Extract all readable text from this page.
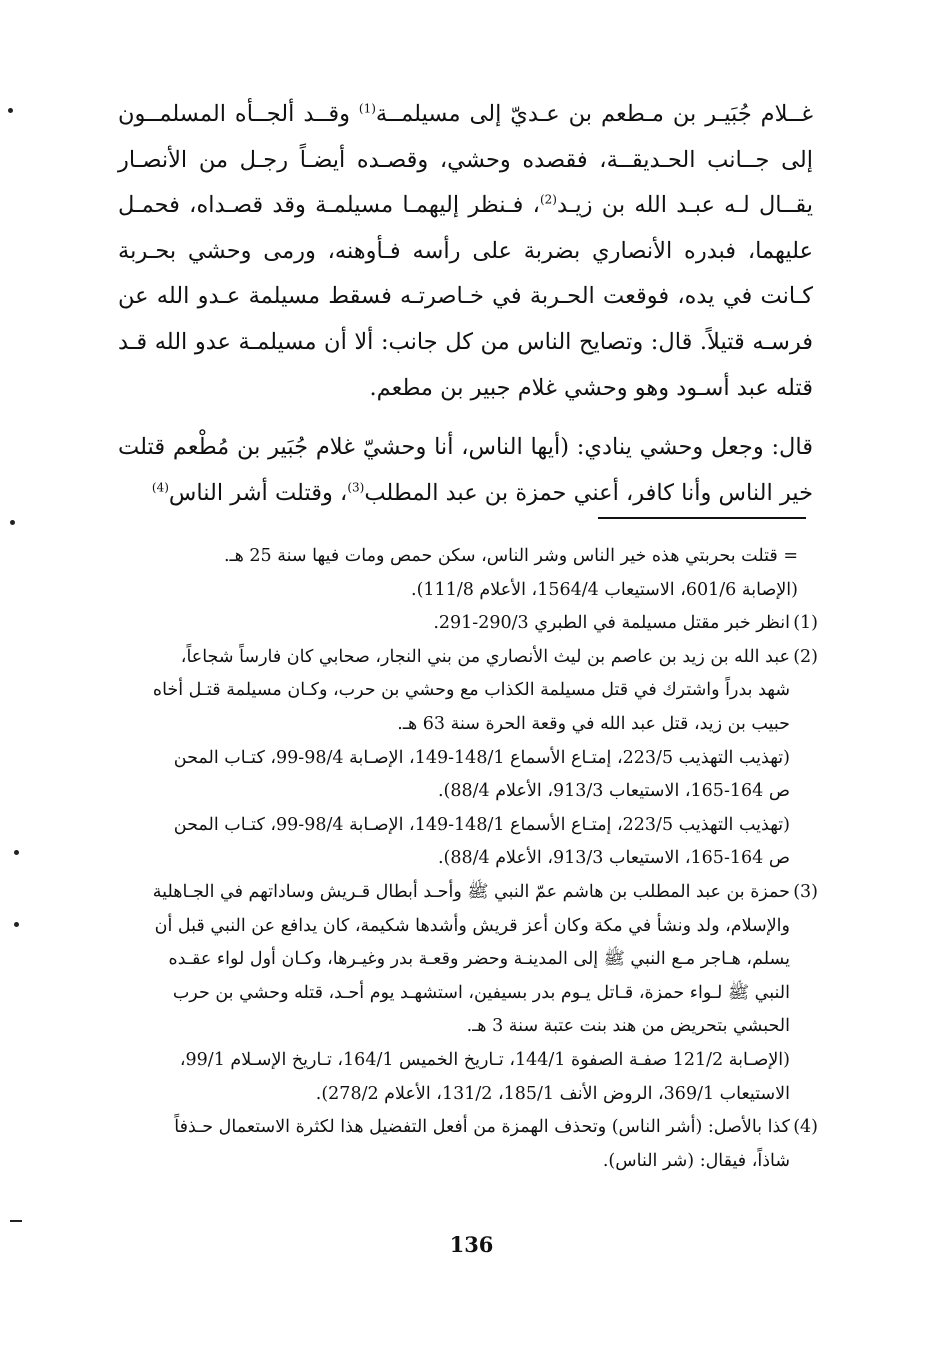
غــلام جُبَيـر بن مـطعم بن عـديّ إلى مسيلمــة$^{(1)}$ وقــد ألجــأه المسلمــون إلى جــانب الحـديقــة، فقصده وحشي، وقصـده أيضـاً رجـل من الأنصـار يقــال لـه عبـد الله بن زيـد$^{(2)}$، فـنظر إليهمـا مسيلمـة وقد قصـداه، فحمـل عليهما، فبدره الأنصاري بضربة على رأسه فـأوهنه، ورمى وحشي بحـربة كـانت في يده، فوقعت الحـربة في خـاصرتـه فسقط مسيلمة عـدو الله عن فرسـه قتيلاً. قال: وتصايح الناس من كل جانب: ألا أن مسيلمـة عدو الله قـد قتله عبد أسـود وهو وحشي غلام جبير بن مطعم.

قال: وجعل وحشي ينادي: (أيها الناس، أنا وحشيّ غلام جُبَير بن مُطْعم قتلت خير الناس وأنا كافر، أعني حمزة بن عبد المطلب$^{(3)}$، وقتلت أشر الناس$^{(4)}$

= قتلت بحربتي هذه خير الناس وشر الناس، سكن حمص ومات فيها سنة 25 هـ.

(الإصابة 601/6، الاستيعاب 1564/4، الأعلام 111/8).

(1)انظر خبر مقتل مسيلمة في الطبري 290/3-291.

(2)عبد الله بن زيد بن عاصم بن ليث الأنصاري من بني النجار، صحابي كان فارساً شجاعاً،

شهد بدراً واشترك في قتل مسيلمة الكذاب مع وحشي بن حرب، وكـان مسيلمة قتـل أخاه

حبيب بن زيد، قتل عبد الله في وقعة الحرة سنة 63 هـ.

(تهذيب التهذيب 223/5، إمتـاع الأسماع 148/1-149، الإصـابة 98/4-99، كتـاب المحن

ص 164-165، الاستيعاب 913/3، الأعلام 88/4).

(تهذيب التهذيب 223/5، إمتـاع الأسماع 148/1-149، الإصـابة 98/4-99، كتـاب المحن

ص 164-165، الاستيعاب 913/3، الأعلام 88/4).

(3)حمزة بن عبد المطلب بن هاشم عمّ النبي ﷺ وأحـد أبطال قـريش وساداتهم في الجـاهلية

والإسلام، ولد ونشأ في مكة وكان أعز قريش وأشدها شكيمة، كان يدافع عن النبي قبل أن

يسلم، هـاجر مـع النبي ﷺ إلى المدينـة وحضر وقعـة بدر وغيـرها، وكـان أول لواء عقـده

النبي ﷺ لـواء حمزة، قـاتل يـوم بدر بسيفين، استشهـد يوم أحـد، قتله وحشي بن حرب

الحبشي بتحريض من هند بنت عتبة سنة 3 هـ.

(الإصـابة 121/2 صفـة الصفوة 144/1، تـاريخ الخميس 164/1، تـاريخ الإسـلام 99/1،

الاستيعاب 369/1، الروض الأنف 185/1، 131/2، الأعلام 278/2).

(4)كذا بالأصل: (أشر الناس) وتحذف الهمزة من أفعل التفضيل هذا لكثرة الاستعمال حـذفاً

شاذاً، فيقال: (شر الناس).

136
